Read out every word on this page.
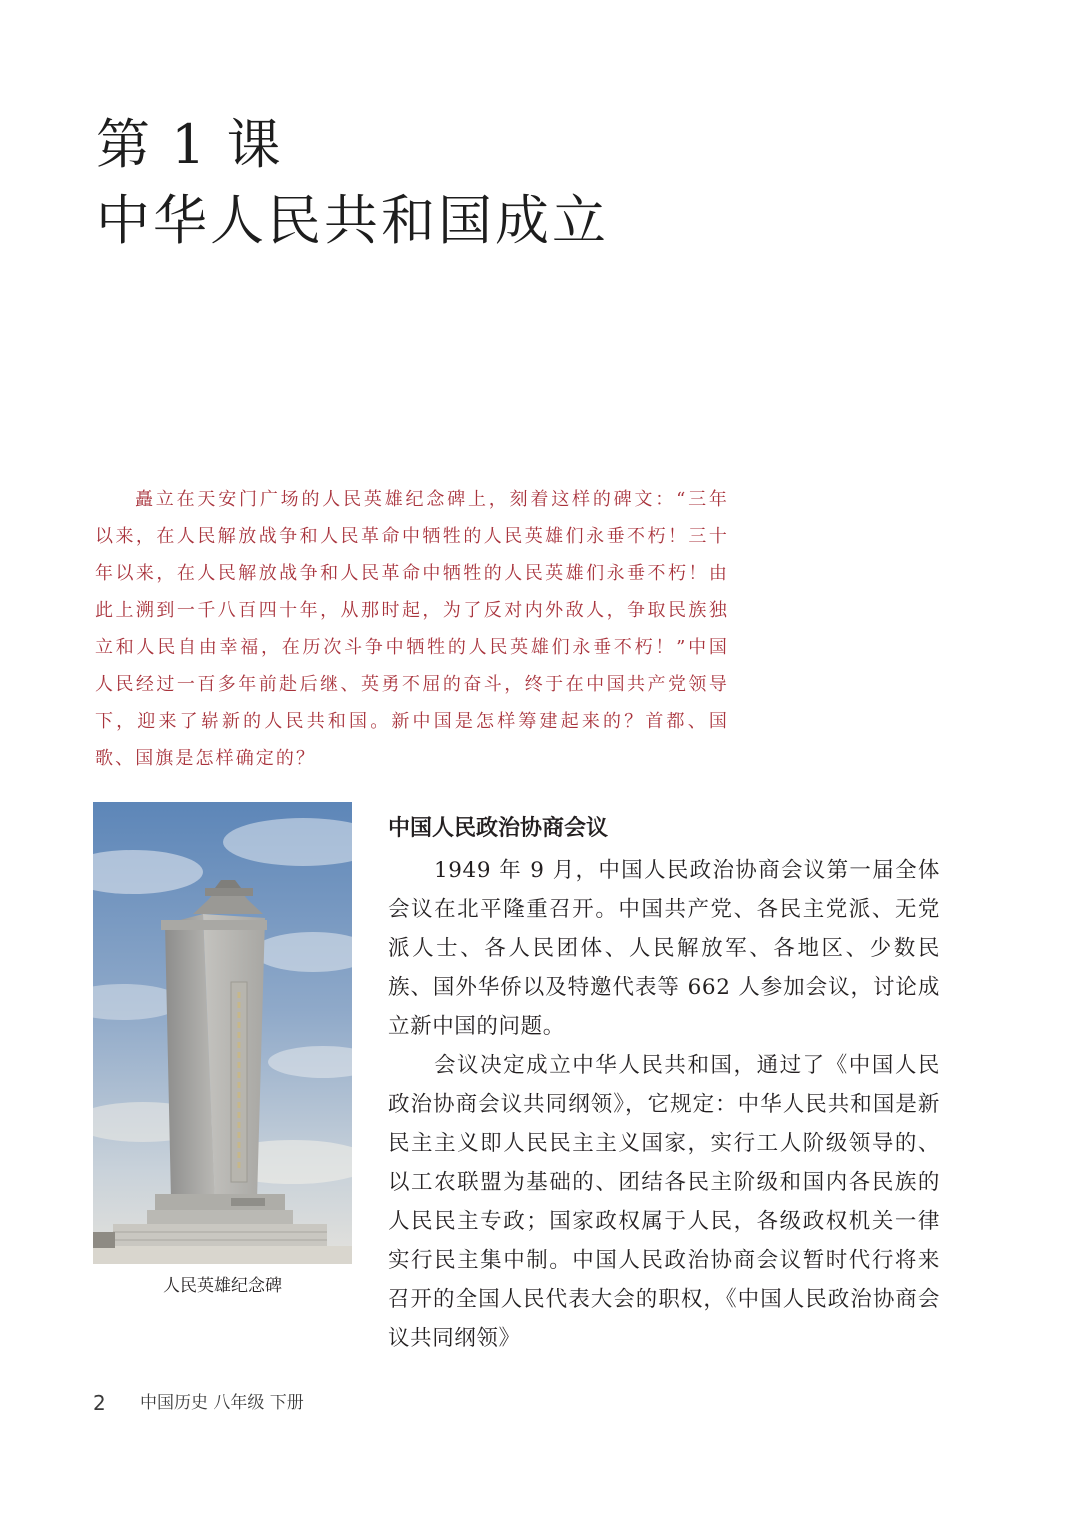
第 1 课
中华人民共和国成立

矗立在天安门广场的人民英雄纪念碑上，刻着这样的碑文：“三年以来，在人民解放战争和人民革命中牺牲的人民英雄们永垂不朽！三十年以来，在人民解放战争和人民革命中牺牲的人民英雄们永垂不朽！由此上溯到一千八百四十年，从那时起，为了反对内外敌人，争取民族独立和人民自由幸福，在历次斗争中牺牲的人民英雄们永垂不朽！”中国人民经过一百多年前赴后继、英勇不屈的奋斗，终于在中国共产党领导下，迎来了崭新的人民共和国。新中国是怎样筹建起来的？首都、国歌、国旗是怎样确定的？

人民英雄纪念碑
中国人民政治协商会议

1949 年 9 月，中国人民政治协商会议第一届全体会议在北平隆重召开。中国共产党、各民主党派、无党派人士、各人民团体、人民解放军、各地区、少数民族、国外华侨以及特邀代表等 662 人参加会议，讨论成立新中国的问题。

会议决定成立中华人民共和国，通过了《中国人民政治协商会议共同纲领》，它规定：中华人民共和国是新民主主义即人民民主主义国家，实行工人阶级领导的、以工农联盟为基础的、团结各民主阶级和国内各民族的人民民主专政；国家政权属于人民，各级政权机关一律实行民主集中制。中国人民政治协商会议暂时代行将来召开的全国人民代表大会的职权，《中国人民政治协商会议共同纲领》

2 中国历史 八年级 下册
